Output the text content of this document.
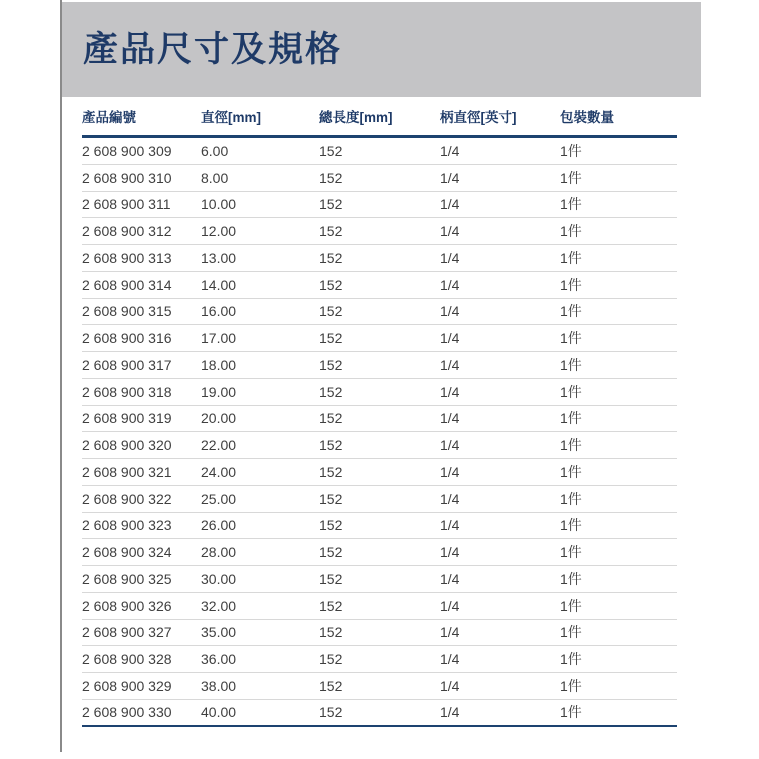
產品尺寸及規格
產品編號	直徑[mm]	總長度[mm]	柄直徑[英寸]	包裝數量
2 608 900 309	6.00	152	1/4	1件
2 608 900 310	8.00	152	1/4	1件
2 608 900 311	10.00	152	1/4	1件
2 608 900 312	12.00	152	1/4	1件
2 608 900 313	13.00	152	1/4	1件
2 608 900 314	14.00	152	1/4	1件
2 608 900 315	16.00	152	1/4	1件
2 608 900 316	17.00	152	1/4	1件
2 608 900 317	18.00	152	1/4	1件
2 608 900 318	19.00	152	1/4	1件
2 608 900 319	20.00	152	1/4	1件
2 608 900 320	22.00	152	1/4	1件
2 608 900 321	24.00	152	1/4	1件
2 608 900 322	25.00	152	1/4	1件
2 608 900 323	26.00	152	1/4	1件
2 608 900 324	28.00	152	1/4	1件
2 608 900 325	30.00	152	1/4	1件
2 608 900 326	32.00	152	1/4	1件
2 608 900 327	35.00	152	1/4	1件
2 608 900 328	36.00	152	1/4	1件
2 608 900 329	38.00	152	1/4	1件
2 608 900 330	40.00	152	1/4	1件
